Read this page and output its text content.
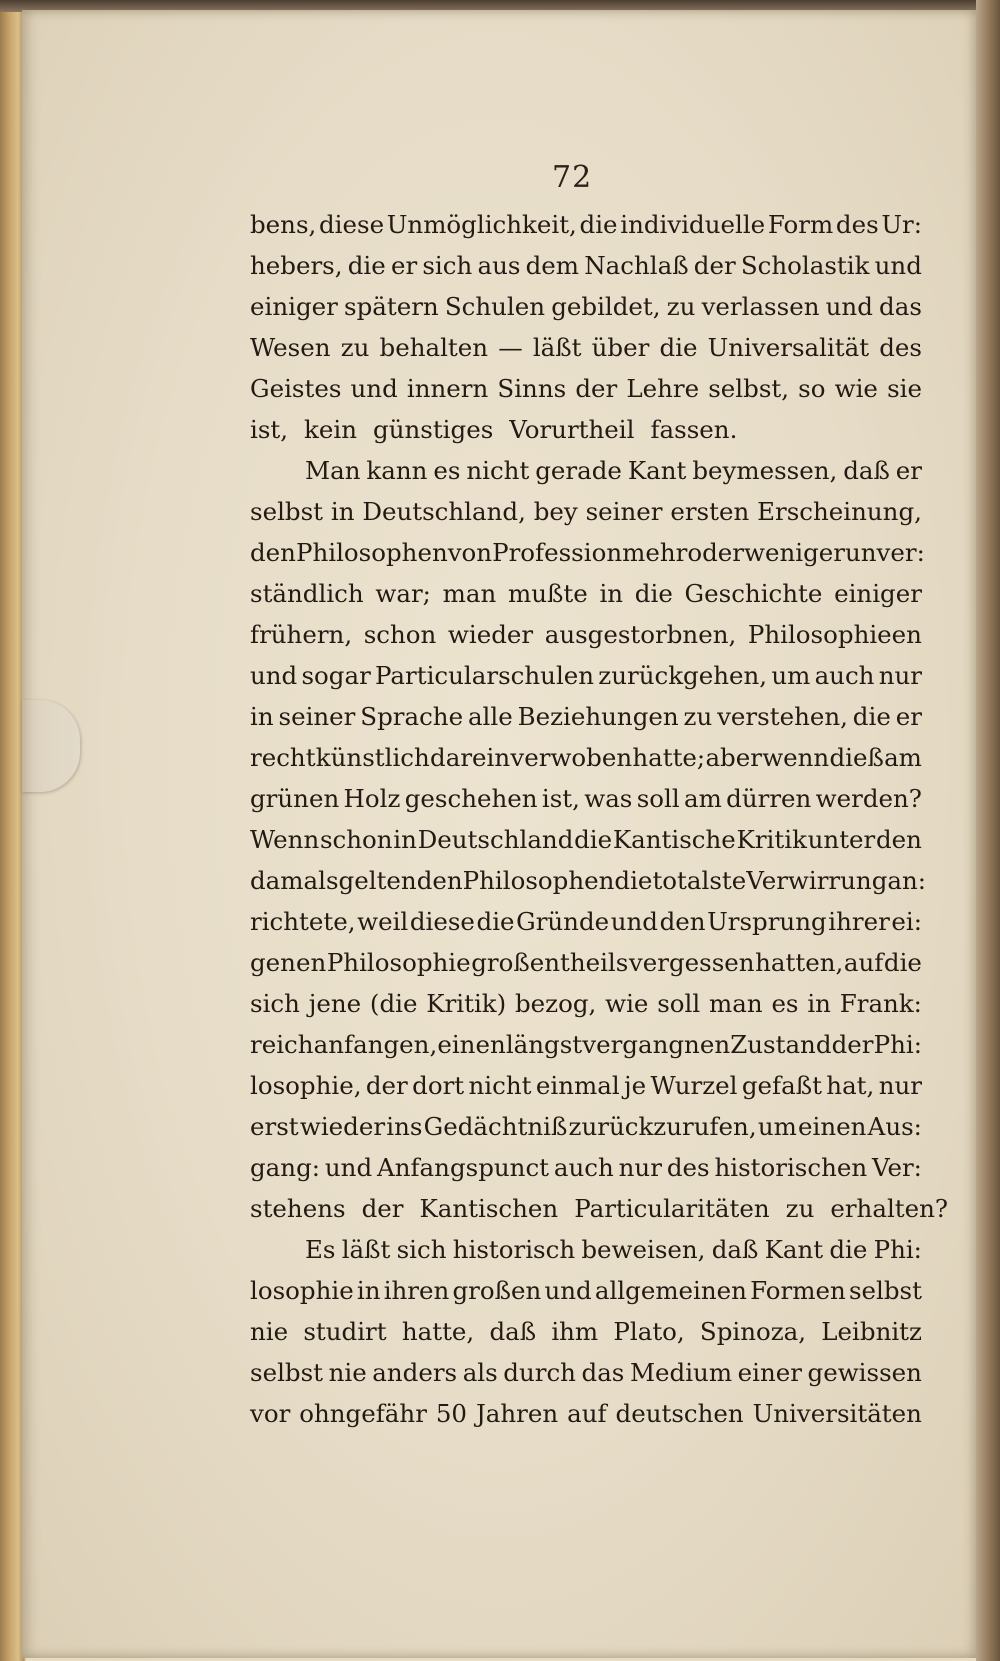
72
bens, diese Unmöglichkeit, die individuelle Form des Ur:
hebers, die er sich aus dem Nachlaß der Scholastik und
einiger spätern Schulen gebildet, zu verlassen und das
Wesen zu behalten — läßt über die Universalität des
Geistes und innern Sinns der Lehre selbst, so wie sie
ist, kein günstiges Vorurtheil fassen.
Man kann es nicht gerade Kant beymessen, daß er
selbst in Deutschland, bey seiner ersten Erscheinung,
den Philosophen von Profession mehr oder weniger unver:
ständlich war; man mußte in die Geschichte einiger
frühern, schon wieder ausgestorbnen, Philosophieen
und sogar Particularschulen zurückgehen, um auch nur
in seiner Sprache alle Beziehungen zu verstehen, die er
recht künstlich darein verwoben hatte; aber wenn dieß am
grünen Holz geschehen ist, was soll am dürren werden?
Wenn schon in Deutschland die Kantische Kritik unter den
damals geltenden Philosophen die totalste Verwirrung an:
richtete, weil diese die Gründe und den Ursprung ihrer ei:
genen Philosophie großentheils vergessen hatten, auf die
sich jene (die Kritik) bezog, wie soll man es in Frank:
reich anfangen, einen längst vergangnen Zustand der Phi:
losophie, der dort nicht einmal je Wurzel gefaßt hat, nur
erst wieder ins Gedächtniß zurückzurufen, um einen Aus:
gang: und Anfangspunct auch nur des historischen Ver:
stehens der Kantischen Particularitäten zu erhalten?
Es läßt sich historisch beweisen, daß Kant die Phi:
losophie in ihren großen und allgemeinen Formen selbst
nie studirt hatte, daß ihm Plato, Spinoza, Leibnitz
selbst nie anders als durch das Medium einer gewissen
vor ohngefähr 50 Jahren auf deutschen Universitäten
